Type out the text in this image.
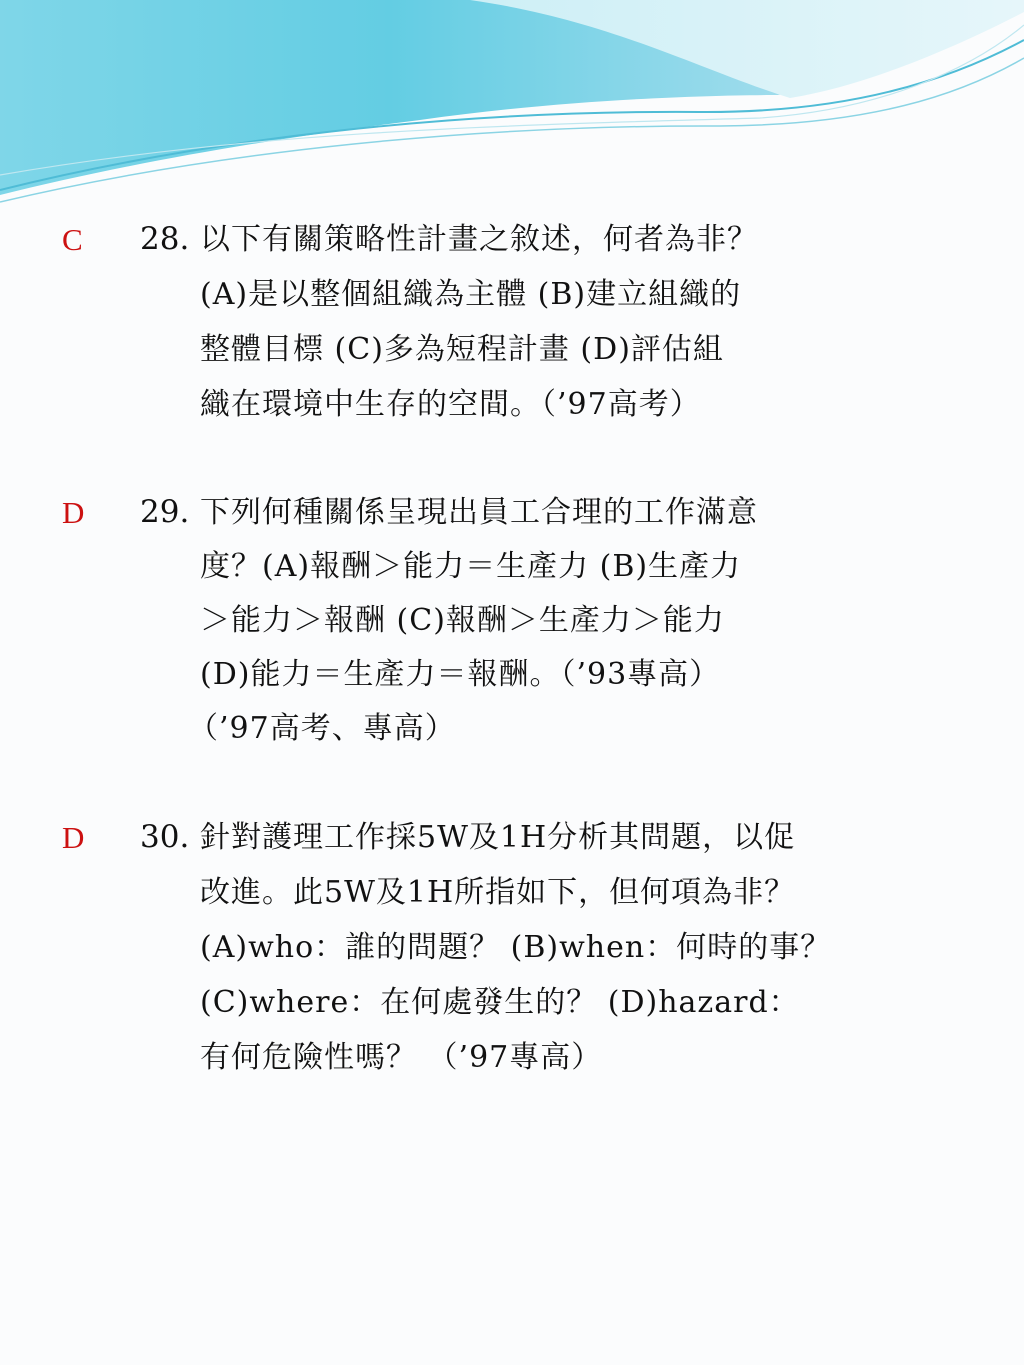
C 28. 以下有關策略性計畫之敘述，何者為非？
(A)是以整個組織為主體 (B)建立組織的
整體目標 (C)多為短程計畫 (D)評估組
織在環境中生存的空間。（’97高考）
D 29. 下列何種關係呈現出員工合理的工作滿意
度？(A)報酬＞能力＝生產力 (B)生產力
＞能力＞報酬 (C)報酬＞生產力＞能力
(D)能力＝生產力＝報酬。（’93專高）
（’97高考、專高）
D 30. 針對護理工作採5W及1H分析其問題，以促
改進。此5W及1H所指如下，但何項為非？
(A)who：誰的問題？ (B)when：何時的事？
(C)where：在何處發生的？ (D)hazard：
有何危險性嗎？ （’97專高）
